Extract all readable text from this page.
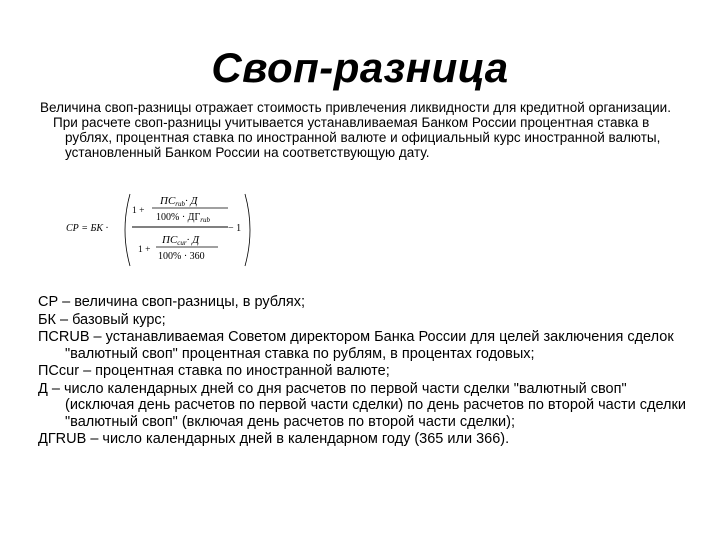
Своп-разница

Величина своп-разницы отражает стоимость привлечения ликвидности для кредитной организации.

При расчете своп-разницы учитывается устанавливаемая Банком России процентная ставка в рублях, процентная ставка по иностранной валюте и официальный курс иностранной валюты, установленный Банком России на соответствующую дату.

СР = БК ·
1 +
ПСrub· Д
$100\% \cdot ДГ_{rub}$
− 1
1 +
ПСcur· Д
100% · 360

СР – величина своп-разницы, в рублях;

БК – базовый курс;

ПСRUB – устанавливаемая Советом директором Банка России для целей заключения сделок "валютный своп" процентная ставка по рублям, в процентах годовых;

ПСcur – процентная ставка по иностранной валюте;

Д – число календарных дней со дня расчетов по первой части сделки "валютный своп" (исключая день расчетов по первой части сделки) по день расчетов по второй части сделки "валютный своп" (включая день расчетов по второй части сделки);

ДГRUB – число календарных дней в календарном году (365 или 366).
